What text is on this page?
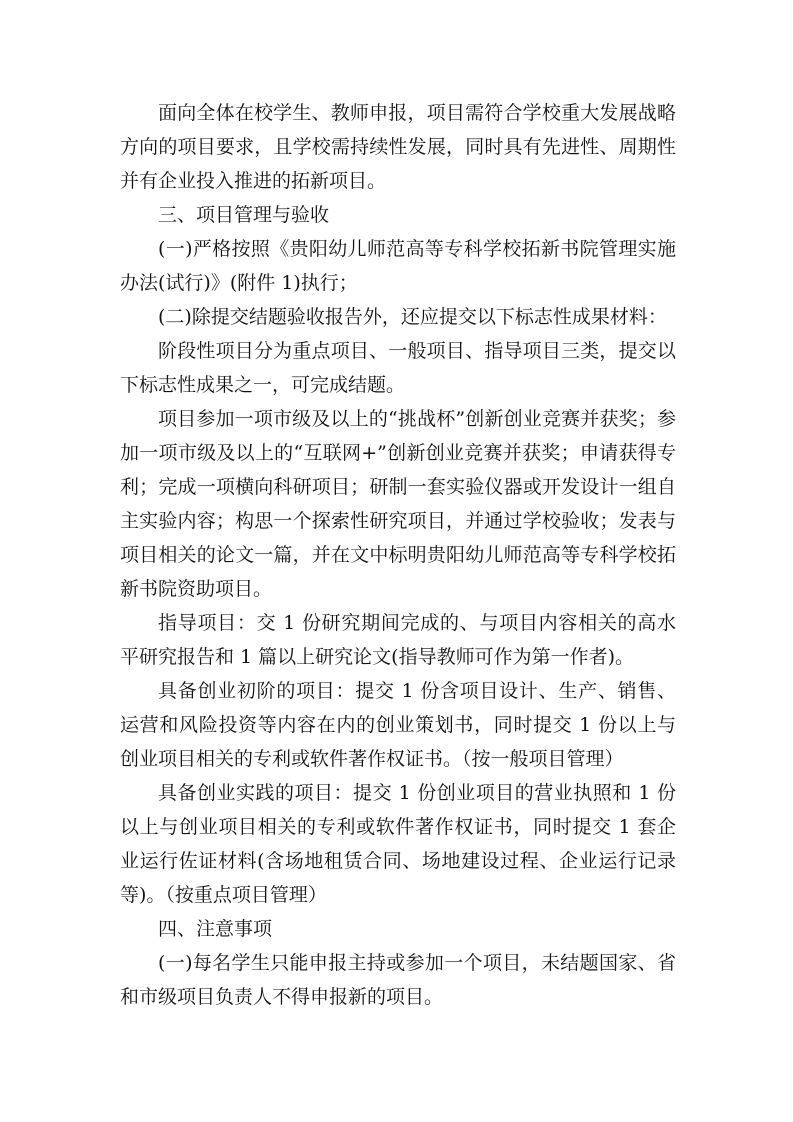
面向全体在校学生、教师申报，项目需符合学校重大发展战略方向的项目要求，且学校需持续性发展，同时具有先进性、周期性并有企业投入推进的拓新项目。

三、项目管理与验收

(一)严格按照《贵阳幼儿师范高等专科学校拓新书院管理实施办法(试行)》(附件 1)执行；

(二)除提交结题验收报告外，还应提交以下标志性成果材料：

阶段性项目分为重点项目、一般项目、指导项目三类，提交以下标志性成果之一，可完成结题。

项目参加一项市级及以上的“挑战杯”创新创业竞赛并获奖；参加一项市级及以上的“互联网+”创新创业竞赛并获奖；申请获得专利；完成一项横向科研项目；研制一套实验仪器或开发设计一组自主实验内容；构思一个探索性研究项目，并通过学校验收；发表与项目相关的论文一篇，并在文中标明贵阳幼儿师范高等专科学校拓新书院资助项目。

指导项目：交 1 份研究期间完成的、与项目内容相关的高水平研究报告和 1 篇以上研究论文(指导教师可作为第一作者)。

具备创业初阶的项目：提交 1 份含项目设计、生产、销售、运营和风险投资等内容在内的创业策划书，同时提交 1 份以上与创业项目相关的专利或软件著作权证书。（按一般项目管理）

具备创业实践的项目：提交 1 份创业项目的营业执照和 1 份以上与创业项目相关的专利或软件著作权证书，同时提交 1 套企业运行佐证材料(含场地租赁合同、场地建设过程、企业运行记录等)。（按重点项目管理）

四、注意事项

(一)每名学生只能申报主持或参加一个项目，未结题国家、省和市级项目负责人不得申报新的项目。
